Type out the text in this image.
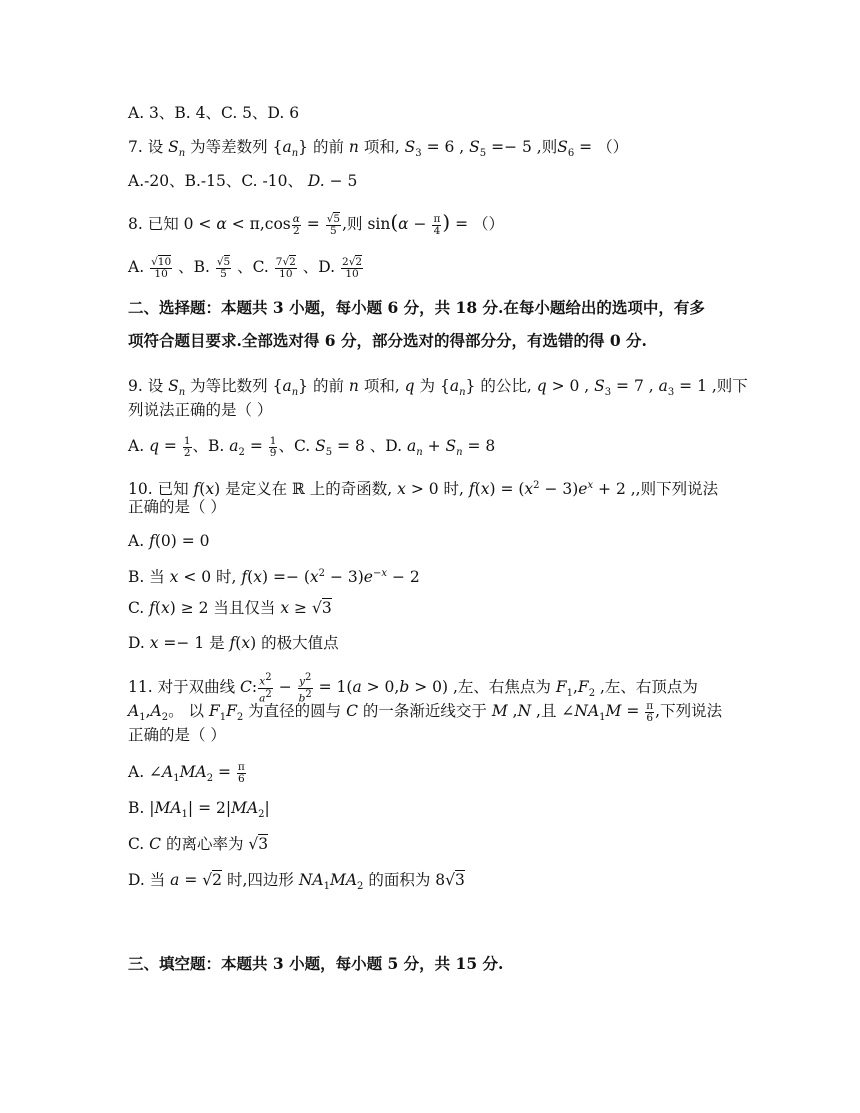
A. 3、B. 4、C. 5、D. 6
7. 设 $S_n$ 为等差数列 $\{a_n\}$ 的前 n 项和, $S_3 = 6$ , $S_5 =- 5$ ,则$S_6$ = （）
A.-20、B.-15、C. -10、 D. − 5
8. 已知 $0 < \alpha < \pi,\cos \frac{\alpha}{2} = \frac{√5}{5}$ ,则 $\sin(\alpha - \frac{\pi}{4}$ ) = （）
A. $\frac{√10}{10}$ 、B. $\frac{√5}{5}$ 、C. $\frac{7√2}{10}$ 、D. $\frac{2√2}{10}$
二、选择题：本题共 3 小题，每小题 6 分，共 18 分.在每小题给出的选项中，有多
项符合题目要求.全部选对得 6 分，部分选对的得部分分，有选错的得 0 分.
9. 设 $S_n$ 为等比数列 $\{a_n\}$ 的前 n 项和, q 为 $\{a_n\}$ 的公比, q > 0 , $S_3 = 7$ , $a_3 = 1$ ,则下
列说法正确的是（ ）
A. $q = \frac{1}{2}$ 、B. $a_2 = \frac{1}{9}$ 、C. $S_5 = 8$ 、D. $a_n + S_n = 8$
10. 已知 f(x) 是定义在 ℝ 上的奇函数, x > 0 时, $f(x) = (x^2 - 3)e^x + 2$ ,,则下列说法
正确的是（ ）
A. f(0) = 0
B. 当 x < 0 时, $f(x) =- (x^2 - 3)e^{-x} - 2$
C. f(x) ≥ 2 当且仅当 x ≥ √3
D. x =− 1 是 f(x) 的极大值点
11. 对于双曲线 C: $\frac{x^2}{a^2} - \frac{y^2}{b^2} = 1(a > 0,b > 0)$ ,左、右焦点为 $F_1,F_2$ ,左、右顶点为
$A_1,A_2$。 以 $F_1F_2$ 为直径的圆与 C 的一条渐近线交于 M ,N ,且 $\angle NA_1M = \frac{\pi}{6}$ ,下列说法
正确的是（ ）
A. $\angle A_1MA_2 = \frac{\pi}{6}$
B. $|MA_1| = 2|MA_2|$
C. C 的离心率为 √3
D. 当 a = √2 时,四边形 $NA_1MA_2$ 的面积为 8√3
三、填空题：本题共 3 小题，每小题 5 分，共 15 分.
